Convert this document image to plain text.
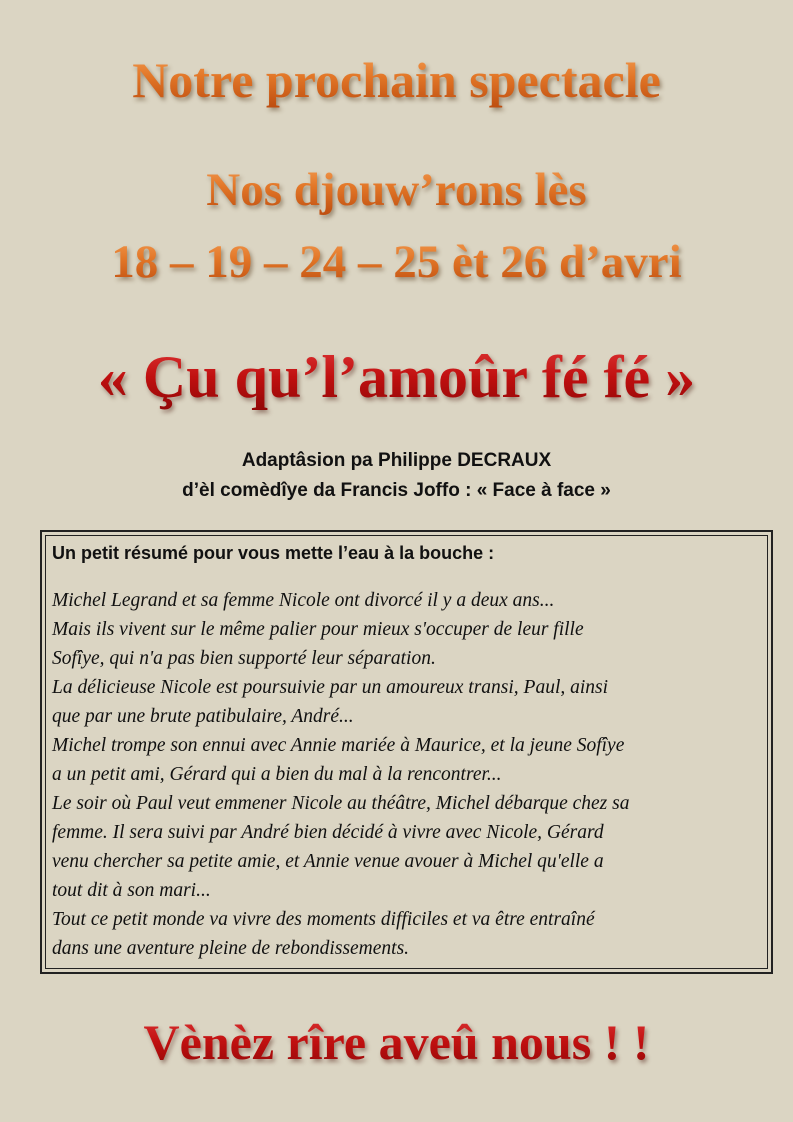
Notre prochain spectacle
Nos djouw’rons lès
18 – 19 – 24 – 25 èt 26 d’avri
« Çu qu’l’amoûr fé fé »
Adaptâsion pa Philippe DECRAUX
d’èl comèdîye da Francis Joffo : « Face à face »
Un petit résumé pour vous mette l’eau à la bouche :
Michel Legrand et sa femme Nicole ont divorcé il y a deux ans...
Mais ils vivent sur le même palier pour mieux s'occuper de leur fille
Sofîye, qui n'a pas bien supporté leur séparation.
La délicieuse Nicole est poursuivie par un amoureux transi, Paul, ainsi
que par une brute patibulaire, André...
Michel trompe son ennui avec Annie mariée à Maurice, et la jeune Sofîye
a un petit ami, Gérard qui a bien du mal à la rencontrer...
Le soir où Paul veut emmener Nicole au théâtre, Michel débarque chez sa
femme. Il sera suivi par André bien décidé à vivre avec Nicole, Gérard
venu chercher sa petite amie, et Annie venue avouer à Michel qu'elle a
tout dit à son mari...
Tout ce petit monde va vivre des moments difficiles et va être entraîné
dans une aventure pleine de rebondissements.
Vènèz rîre aveû nous ! !
